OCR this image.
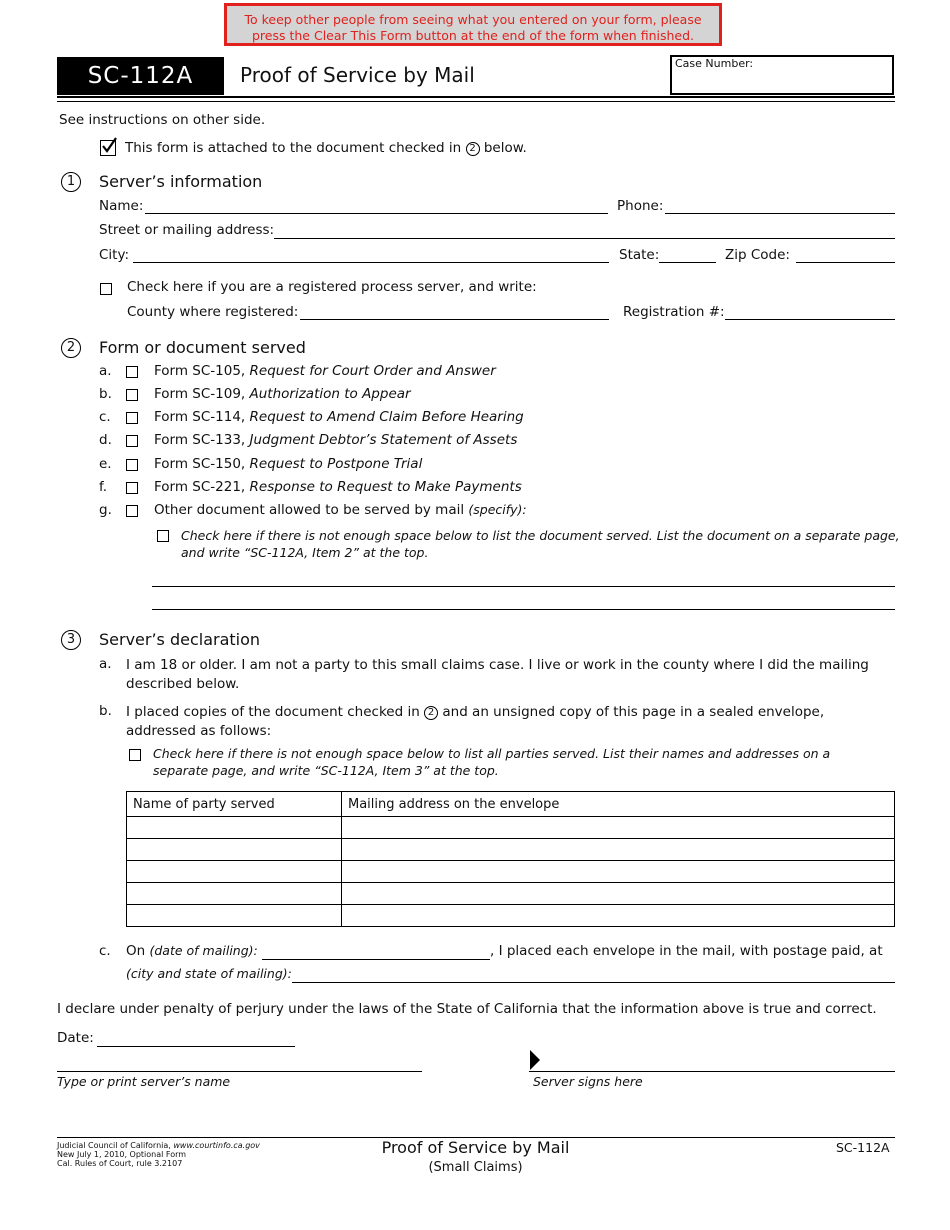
To keep other people from seeing what you entered on your form, please press the Clear This Form button at the end of the form when finished.
SC-112A	Proof of Service by Mail	Case Number:
See instructions on other side.
This form is attached to the document checked in 2 below.
1	Server’s information
Name:	Phone:
Street or mailing address:
City:	State:	Zip Code:
Check here if you are a registered process server, and write:
County where registered:	Registration #:
2	Form or document served
a.	Form SC-105, Request for Court Order and Answer
b.	Form SC-109, Authorization to Appear
c.	Form SC-114, Request to Amend Claim Before Hearing
d.	Form SC-133, Judgment Debtor’s Statement of Assets
e.	Form SC-150, Request to Postpone Trial
f.	Form SC-221, Response to Request to Make Payments
g.	Other document allowed to be served by mail (specify):
Check here if there is not enough space below to list the document served. List the document on a separate page,
and write “SC-112A, Item 2” at the top.
3	Server’s declaration
a. I am 18 or older. I am not a party to this small claims case. I live or work in the county where I did the mailing
described below.
b. I placed copies of the document checked in 2 and an unsigned copy of this page in a sealed envelope,
addressed as follows:
Check here if there is not enough space below to list all parties served. List their names and addresses on a
separate page, and write “SC-112A, Item 3” at the top.
Name of party served	Mailing address on the envelope

c. On (date of mailing):	, I placed each envelope in the mail, with postage paid, at
(city and state of mailing):
I declare under penalty of perjury under the laws of the State of California that the information above is true and correct.
Date:
Type or print server’s name	Server signs here
Judicial Council of California, www.courtinfo.ca.gov
New July 1, 2010, Optional Form
Cal. Rules of Court, rule 3.2107
Proof of Service by Mail
(Small Claims)
SC-112A
